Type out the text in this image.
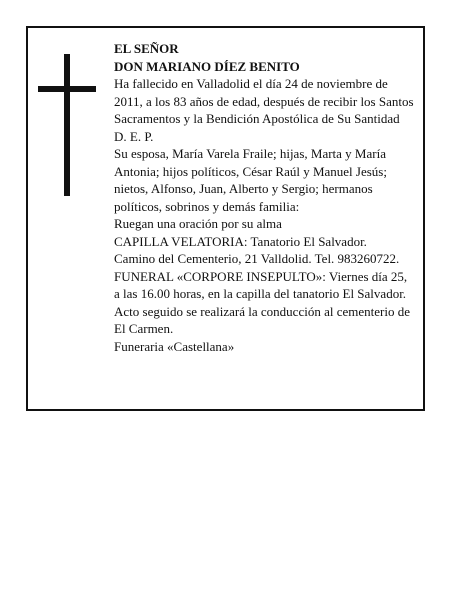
EL SEÑOR

DON MARIANO DÍEZ BENITO

Ha fallecido en Valladolid el día 24 de noviembre de 2011, a los 83 años de edad, después de recibir los Santos Sacramentos y la Bendición Apostólica de Su Santidad

D. E. P.

Su esposa, María Varela Fraile; hijas, Marta y María Antonia; hijos políticos, César Raúl y Manuel Jesús; nietos, Alfonso, Juan, Alberto y Sergio; hermanos políticos, sobrinos y demás familia:

Ruegan una oración por su alma

CAPILLA VELATORIA: Tanatorio El Salvador.

Camino del Cementerio, 21 Valldolid. Tel. 983260722.

FUNERAL «CORPORE INSEPULTO»: Viernes día 25, a las 16.00 horas, en la capilla del tanatorio El Salvador. Acto seguido se realizará la conducción al cementerio de El Carmen.

Funeraria «Castellana»
